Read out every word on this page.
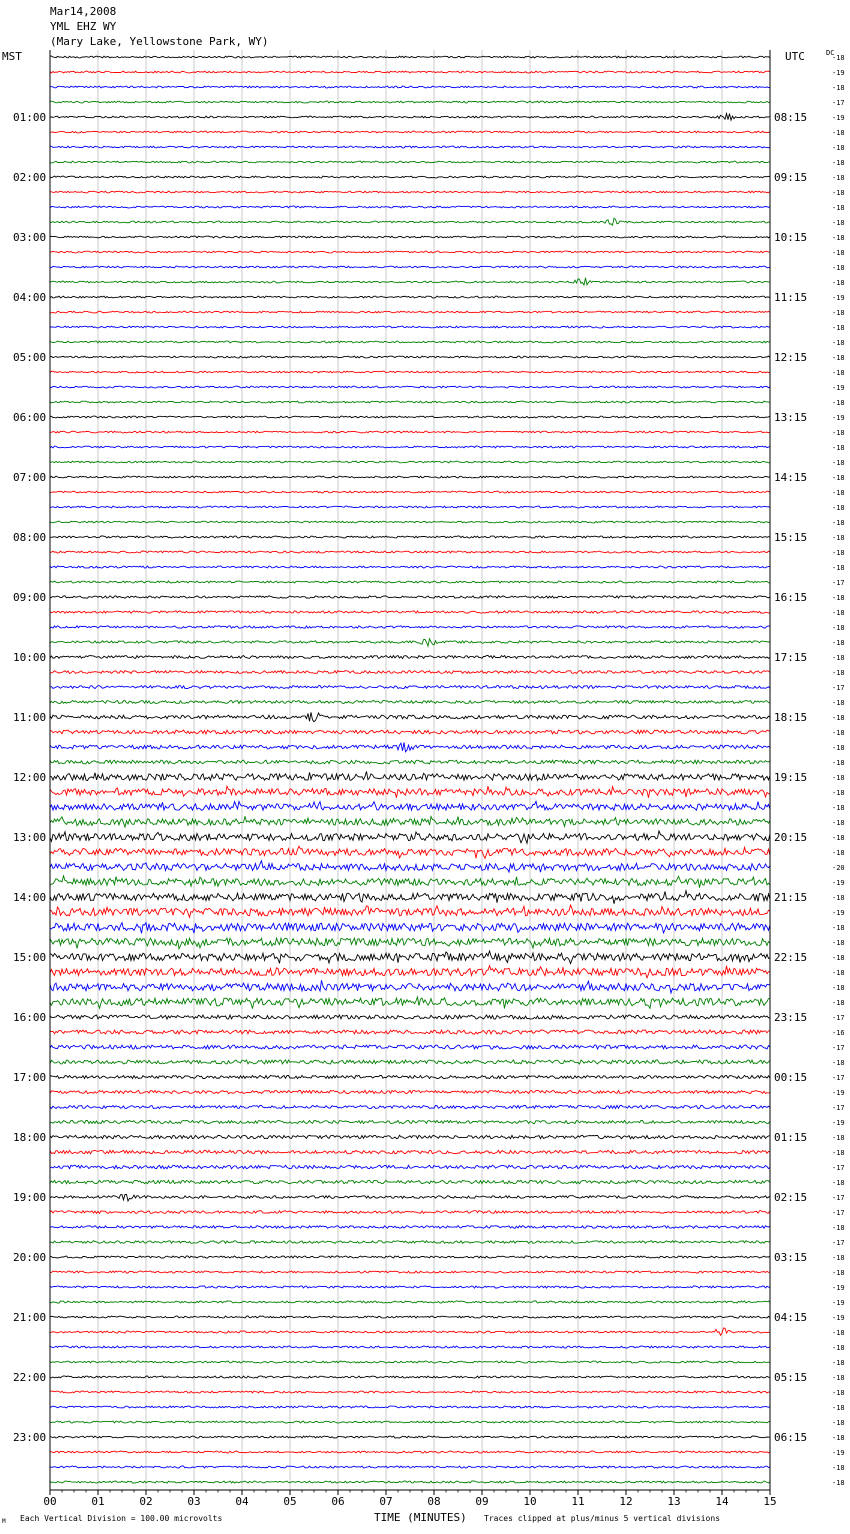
Mar14,2008
YML EHZ WY
(Mary Lake, Yellowstone Park, WY)
MST	UTC	DC
-18
-19
-18
-17
-19
-18
-18
-18
-18
-18
-18
-18
-18
-18
-18
-18
-19
-18
-18
-18
-18
-18
-19
-18
-19
-18
-18
-18
-18
-18
-18
-18
-18
-18
-18
-17
-18
-18
-18
-18
-18
-18
-17
-18
-18
-18
-18
-18
-18
-18
-18
-18
-18
-18
-20
-19
-18
-19
-18
-18
-18
-18
-18
-18
-17
-16
-17
-18
-17
-19
-17
-19
-18
-18
-17
-18
-17
-17
-18
-17
-18
-18
-19
-19
-19
-18
-18
-18
-18
-18
-18
-18
-18
-19
-18
-18
01:00
02:00
03:00
04:00
05:00
06:00
07:00
08:00
09:00
10:00
11:00
12:00
13:00
14:00
15:00
16:00
17:00
18:00
19:00
20:00
21:00
22:00
23:00
08:15
09:15
10:15
11:15
12:15
13:15
14:15
15:15
16:15
17:15
18:15
19:15
20:15
21:15
22:15
23:15
00:15
01:15
02:15
03:15
04:15
05:15
06:15
00	01	02	03	04	05	06	07	08	09	10	11	12	13	14	15
M Each Vertical Division = 100.00 microvolts	TIME (MINUTES) Traces clipped at plus/minus 5 vertical divisions
